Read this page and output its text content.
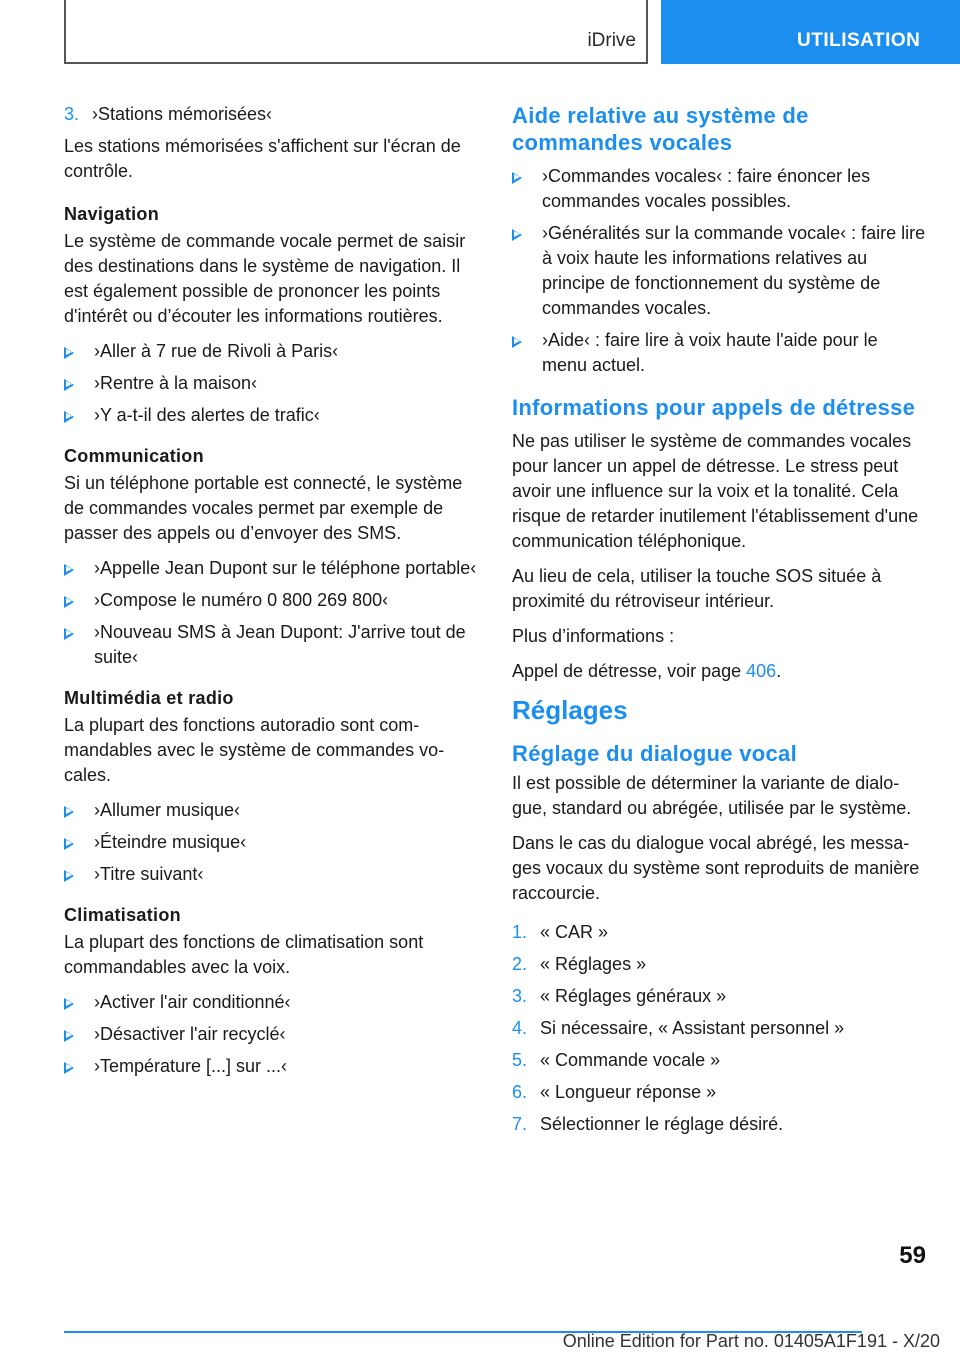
iDrive	UTILISATION
3. ›Stations mémorisées‹

Les stations mémorisées s'affichent sur l'écran de contrôle.

Navigation

Le système de commande vocale permet de saisir des destinations dans le système de navigation. Il est également possible de prononcer les points d'intérêt ou d’écouter les informations routières.

›Aller à 7 rue de Rivoli à Paris‹
›Rentre à la maison‹
›Y a-t-il des alertes de trafic‹
Communication

Si un téléphone portable est connecté, le système de commandes vocales permet par exemple de passer des appels ou d’envoyer des SMS.

›Appelle Jean Dupont sur le téléphone portable‹
›Compose le numéro 0 800 269 800‹
›Nouveau SMS à Jean Dupont: J'arrive tout de suite‹
Multimédia et radio

La plupart des fonctions autoradio sont commandables avec le système de commandes vocales.

›Allumer musique‹
›Éteindre musique‹
›Titre suivant‹
Climatisation

La plupart des fonctions de climatisation sont commandables avec la voix.

›Activer l'air conditionné‹
›Désactiver l'air recyclé‹
›Température [...] sur ...‹
Aide relative au système de commandes vocales
›Commandes vocales‹ : faire énoncer les commandes vocales possibles.
›Généralités sur la commande vocale‹ : faire lire à voix haute les informations relatives au principe de fonctionnement du système de commandes vocales.
›Aide‹ : faire lire à voix haute l'aide pour le menu actuel.
Informations pour appels de détresse

Ne pas utiliser le système de commandes vocales pour lancer un appel de détresse. Le stress peut avoir une influence sur la voix et la tonalité. Cela risque de retarder inutilement l'établissement d'une communication téléphonique.

Au lieu de cela, utiliser la touche SOS située à proximité du rétroviseur intérieur.

Plus d’informations :

Appel de détresse, voir page 406.

Réglages
Réglage du dialogue vocal

Il est possible de déterminer la variante de dialogue, standard ou abrégée, utilisée par le système.

Dans le cas du dialogue vocal abrégé, les messages vocaux du système sont reproduits de manière raccourcie.

1. « CAR »
2. « Réglages »
3. « Réglages généraux »
4. Si nécessaire, « Assistant personnel »
5. « Commande vocale »
6. « Longueur réponse »
7. Sélectionner le réglage désiré.
59
Online Edition for Part no. 01405A1F191 - X/20
